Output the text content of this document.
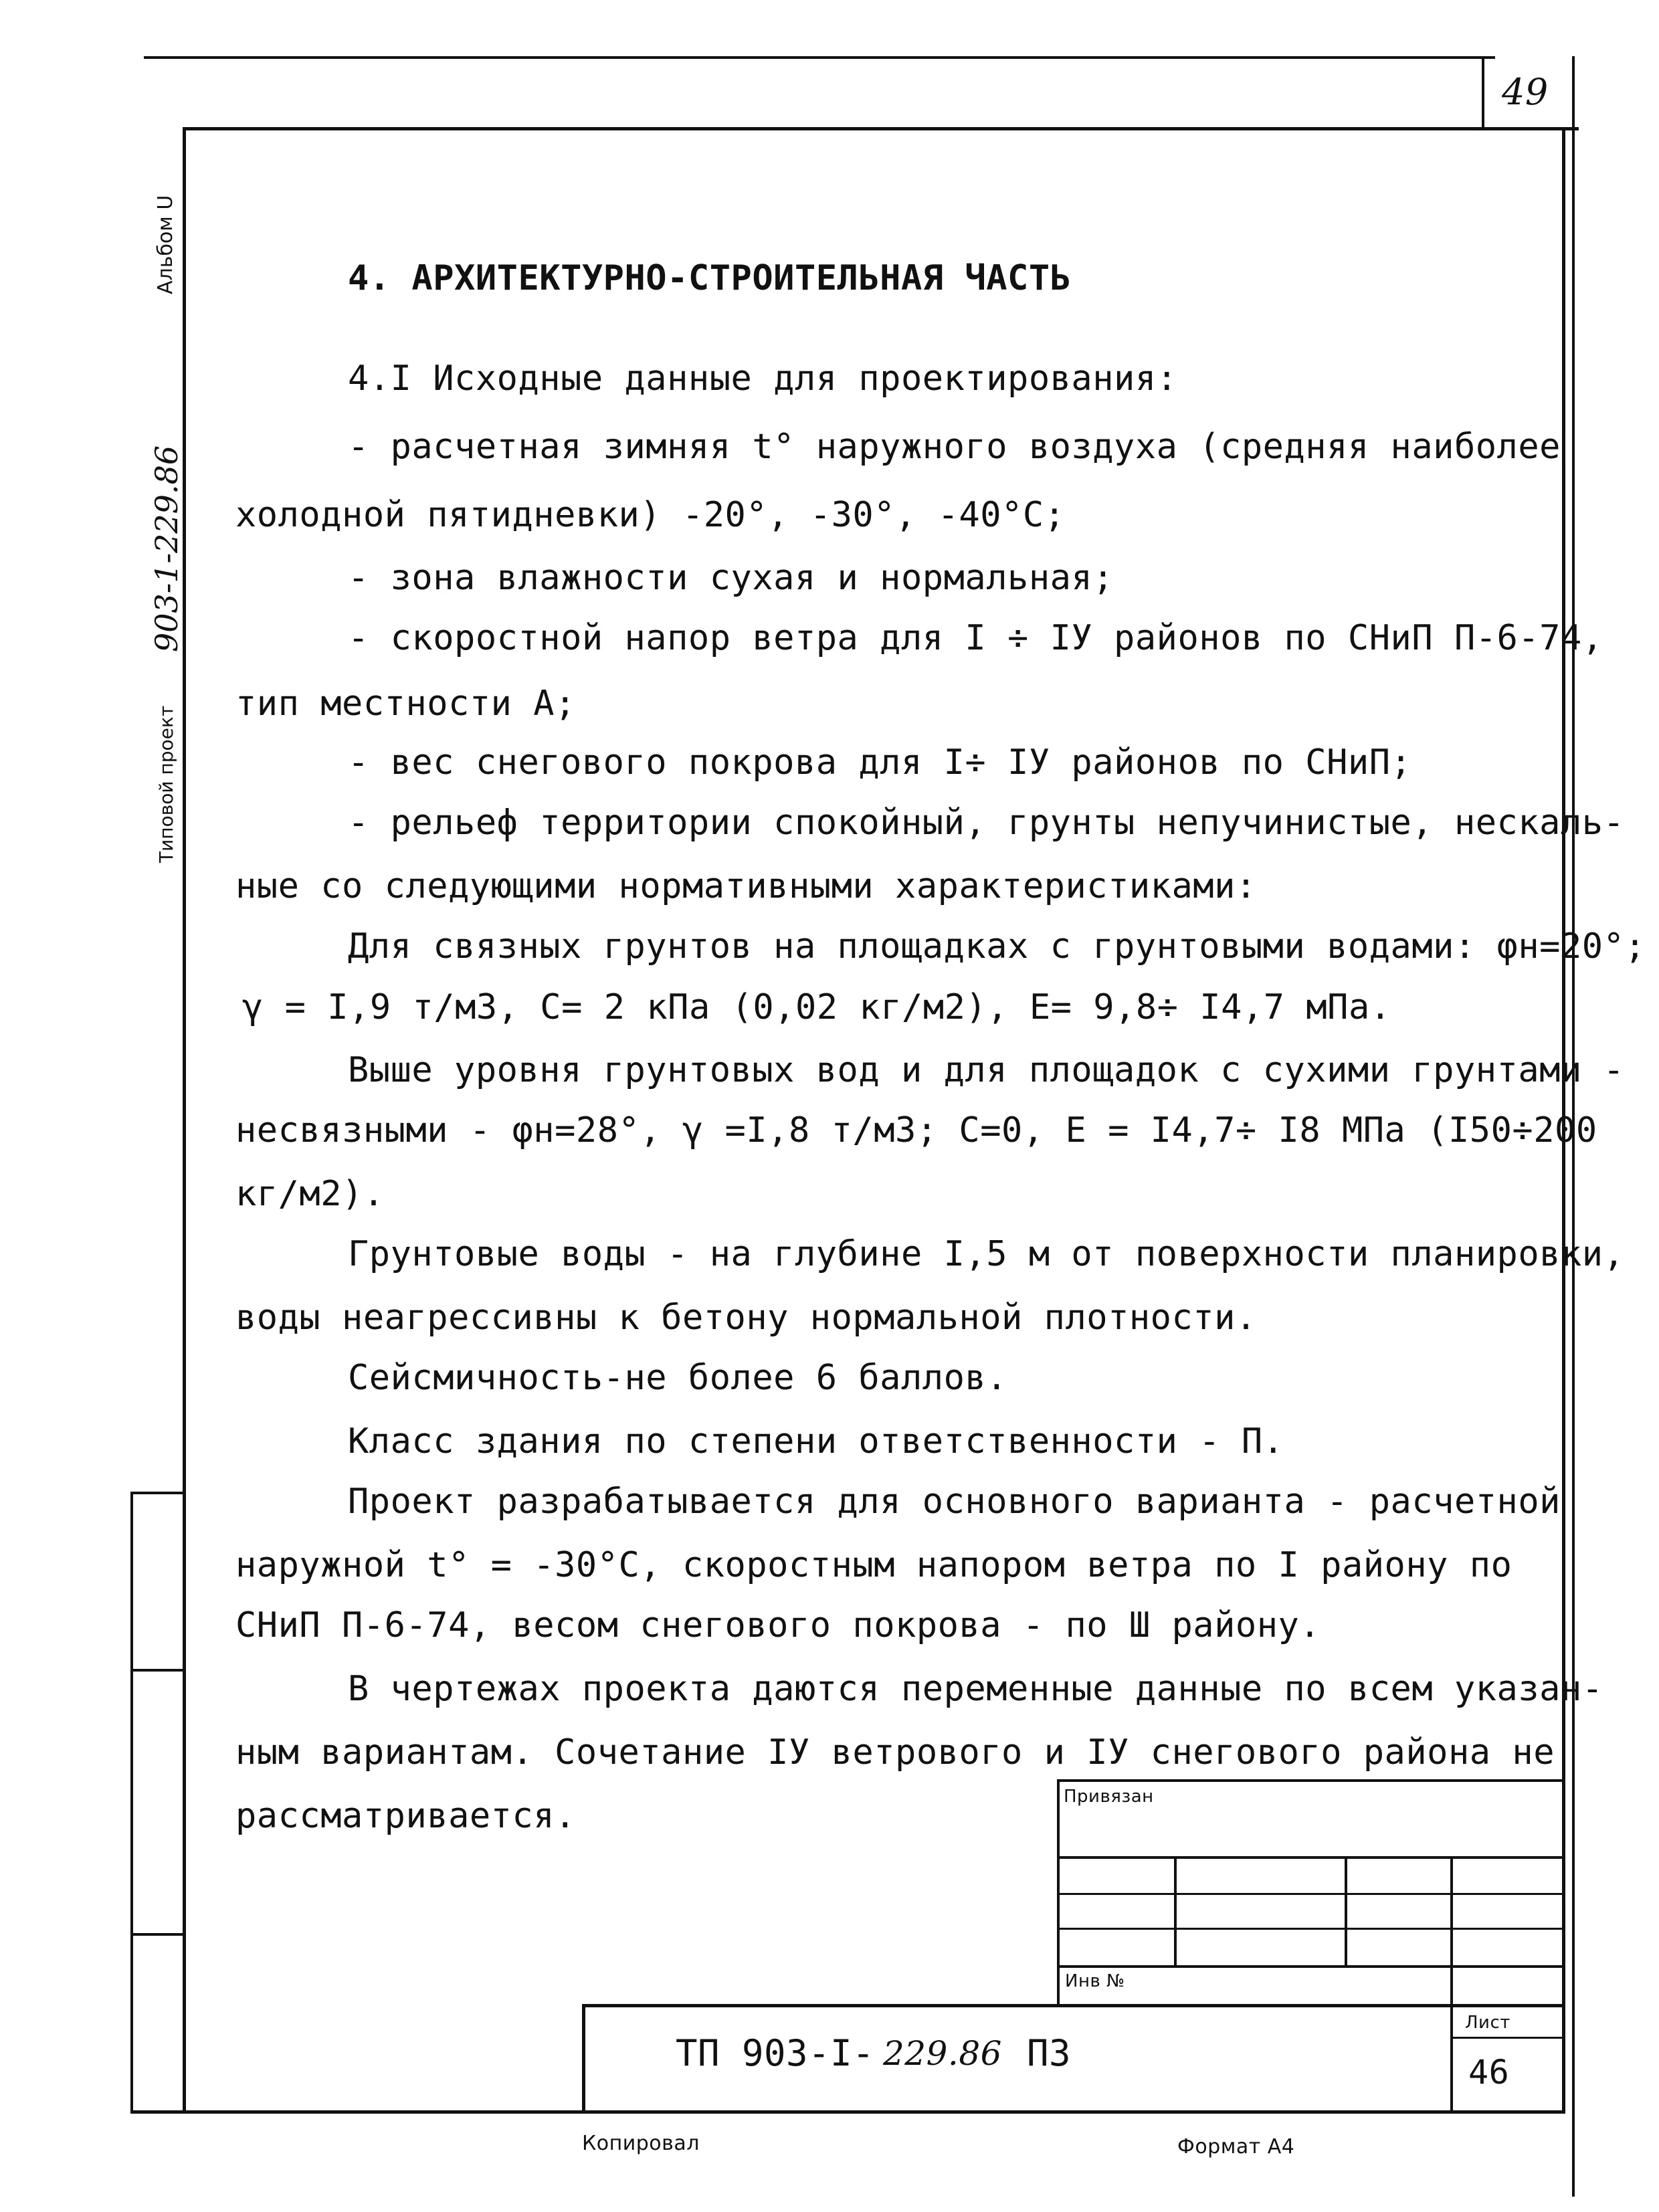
49
Альбом U
Типовой проект
903-1-229.86
4. АРХИТЕКТУРНО-СТРОИТЕЛЬНАЯ ЧАСТЬ
4.I Исходные данные для проектирования:
- расчетная зимняя t° наружного воздуха (средняя наиболее
холодной пятидневки) -20°, -30°, -40°С;
- зона влажности сухая и нормальная;
- скоростной напор ветра для I ÷ IУ районов по СНиП П-6-74,
тип местности А;
- вес снегового покрова для I÷ IУ районов по СНиП;
- рельеф территории спокойный, грунты непучинистые, нескаль-
ные со следующими нормативными характеристиками:
Для связных грунтов на площадках с грунтовыми водами: φн=20°;
γ = I,9 т/м3, С= 2 кПа (0,02 кг/м2), Е= 9,8÷ I4,7 мПа.
Выше уровня грунтовых вод и для площадок с сухими грунтами -
несвязными - φн=28°, γ =I,8 т/м3; С=0, Е = I4,7÷ I8 МПа (I50÷200
кг/м2).
Грунтовые воды - на глубине I,5 м от поверхности планировки,
воды неагрессивны к бетону нормальной плотности.
Сейсмичность-не более 6 баллов.
Класс здания по степени ответственности - П.
Проект разрабатывается для основного варианта - расчетной
наружной t° = -30°С, скоростным напором ветра по I району по
СНиП П-6-74, весом снегового покрова - по Ш району.
В чертежах проекта даются переменные данные по всем указан-
ным вариантам. Сочетание IУ ветрового и IУ снегового района не
рассматривается.	Привязан
Инв №
ТП 903-I- 229.86 ПЗ
Лист
46
Копировал	Формат А4
